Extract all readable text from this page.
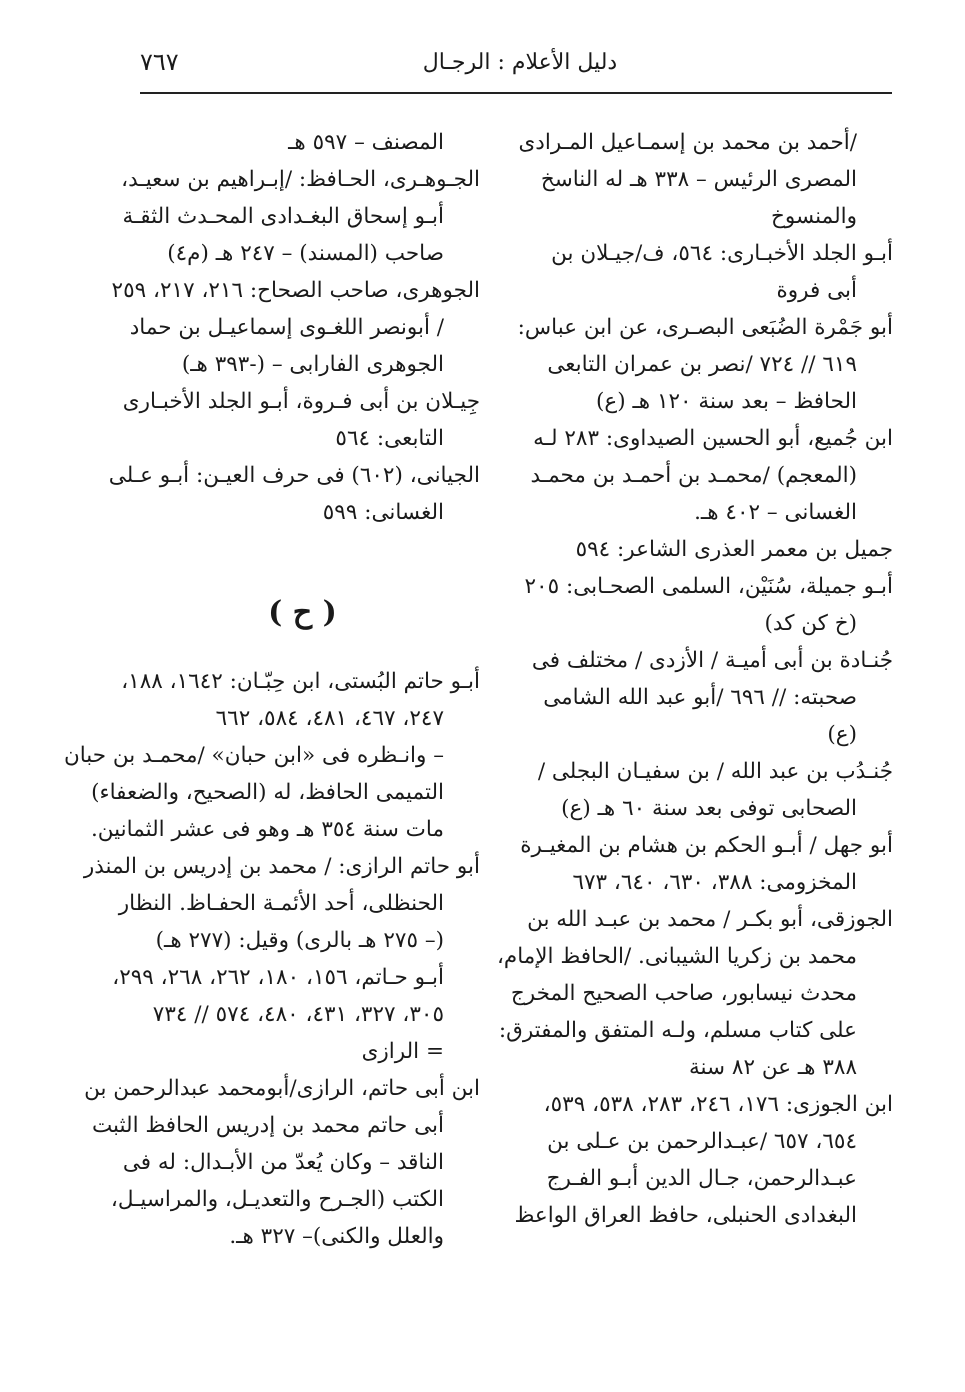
٧٦٧	دليل الأعلام : الرجـال
/أحمد بن محمد بن إسمـاعيل المـرادى
المصرى الرئيس – ٣٣٨ هـ له الناسخ
والمنسوخ
أبـو الجلد الأخبـارى: ٥٦٤، ف/جيـلان بن
أبى فروة
أبو جَمْرة الضُبَعى البصـرى، عن ابن عباس:
٦١٩ // ٧٢٤ /نصر بن عمران التابعى
الحافظ – بعد سنة ١٢٠ هـ (ع)
ابن جُميع، أبو الحسين الصيداوى: ٢٨٣ لـه
(المعجم) /محمـد بن أحمـد بن محمـد
الغسانى – ٤٠٢ هـ.
جميل بن معمر العذرى الشاعر: ٥٩٤
أبـو جميلة، سُنَيْن، السلمى الصحـابى: ٢٠٥
(خ كن كد)
جُنـادة بن أبى أميـة / الأزدى / مختلف فى
صحبته: // ٦٩٦ /أبو عبد الله الشامى
(ع)
جُنـدُب بن عبد الله / بن سفيـان البجلى /
الصحابى توفى بعد سنة ٦٠ هـ (ع)
أبو جهل / أبـو الحكم بن هشام بن المغيـرة
المخزومى: ٣٨٨، ٦٣٠، ٦٤٠، ٦٧٣
الجوزقى، أبو بكـر / محمد بن عبـد الله بن
محمد بن زكريا الشيبانى. /الحافظ الإمام،
محدث نيسابور، صاحب الصحيح المخرج
على كتاب مسلم، ولـه المتفق والمفترق:
٣٨٨ هـ عن ٨٢ سنة
ابن الجوزى: ١٧٦، ٢٤٦، ٢٨٣، ٥٣٨، ٥٣٩،
٦٥٤، ٦٥٧ /عبـدالرحمن بن عـلى بن
عبـدالرحمن، جـال الدين أبـو الفـرج
البغدادى الحنبلى، حافظ العراق الواعظ
المصنف – ٥٩٧ هـ
الجـوهـرى، الحـافظ: /إبـراهيم بن سعيـد،
أبـو إسحاق البغـدادى المحـدث الثقـة
صاحب (المسند) – ٢٤٧ هـ (م٤)
الجوهرى، صاحب الصحاح: ٢١٦، ٢١٧، ٢٥٩
/ أبونصر اللغـوى إسماعيـل بن حماد
الجوهرى الفارابى – (-٣٩٣ هـ)
جِيـلان بن أبى فـروة، أبـو الجلد الأخبـارى
التابعى: ٥٦٤
الجيانى، (٦٠٢) فى حرف العيـن: أبـو عـلى
الغسانى: ٥٩٩
( ح )
أبـو حاتم البُستى، ابن حِبّـان: ١٦٤٢، ١٨٨،
٢٤٧، ٤٦٧، ٤٨١، ٥٨٤، ٦٦٢
– وانـظره فى «ابن حبان» /محمـد بن حبان
التميمى الحافظ، له (الصحيح، والضعفاء)
مات سنة ٣٥٤ هـ وهو فى عشر الثمانين.
أبو حاتم الرازى: / محمد بن إدريس بن المنذر
الحنظلى، أحد الأئمـة الحفـاظ. النظار
(– ٢٧٥ هـ بالرى) وقيل: (٢٧٧ هـ)
أبـو حـاتم، ١٥٦، ١٨٠، ٢٦٢، ٢٦٨، ٢٩٩،
٣٠٥، ٣٢٧، ٤٣١، ٤٨٠، ٥٧٤ // ٧٣٤
= الرازى
ابن أبى حاتم، الرازى/أبومحمد عبدالرحمن بن
أبى حاتم محمد بن إدريس الحافظ الثبت
الناقد – وكان يُعدّ من الأبـدال: له فى
الكتب (الجـرح والتعديـل، والمراسيـل،
والعلل والكنى)– ٣٢٧ هـ.
